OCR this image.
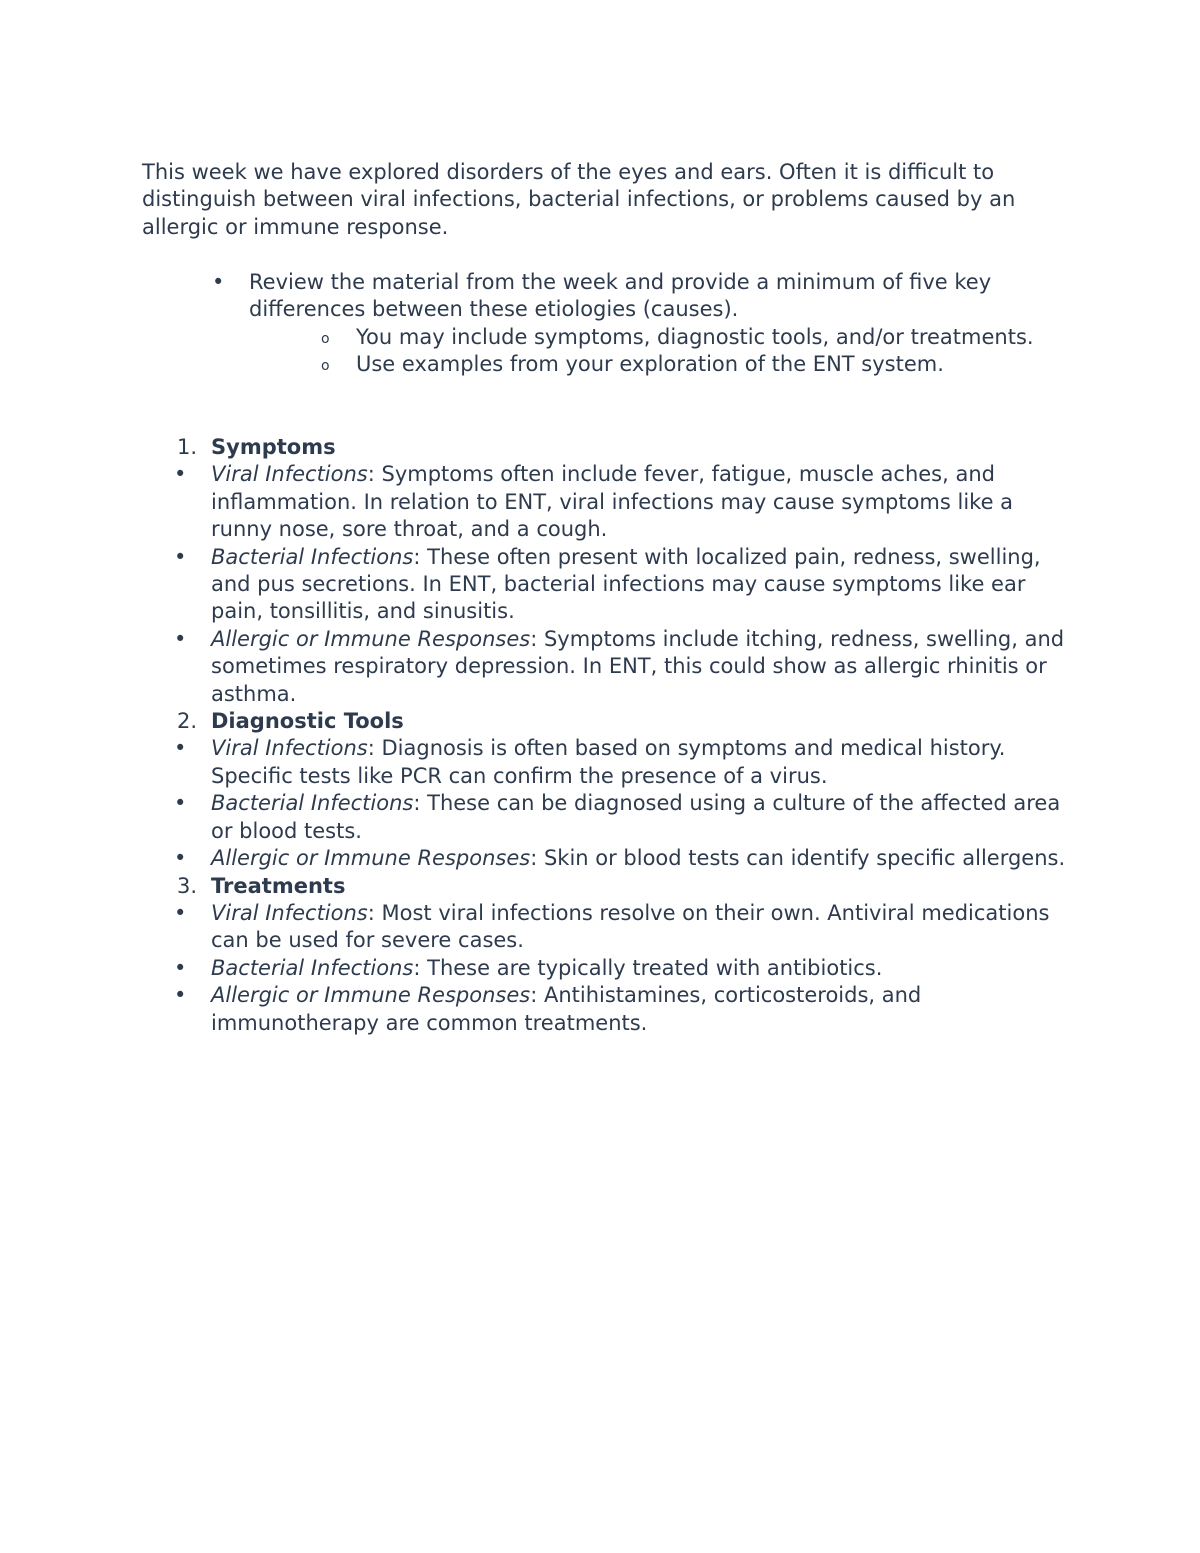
This week we have explored disorders of the eyes and ears. Often it is difficult to distinguish between viral infections, bacterial infections, or problems caused by an allergic or immune response.

•	Review the material from the week and provide a minimum of five key differences between these etiologies (causes).
o You may include symptoms, diagnostic tools, and/or treatments.
o Use examples from your exploration of the ENT system.
1. Symptoms
• Viral Infections: Symptoms often include fever, fatigue, muscle aches, and inflammation. In relation to ENT, viral infections may cause symptoms like a runny nose, sore throat, and a cough.
• Bacterial Infections: These often present with localized pain, redness, swelling, and pus secretions. In ENT, bacterial infections may cause symptoms like ear pain, tonsillitis, and sinusitis.
• Allergic or Immune Responses: Symptoms include itching, redness, swelling, and sometimes respiratory depression. In ENT, this could show as allergic rhinitis or asthma.
2. Diagnostic Tools
• Viral Infections: Diagnosis is often based on symptoms and medical history. Specific tests like PCR can confirm the presence of a virus.
• Bacterial Infections: These can be diagnosed using a culture of the affected area or blood tests.
• Allergic or Immune Responses: Skin or blood tests can identify specific allergens.
3. Treatments
• Viral Infections: Most viral infections resolve on their own. Antiviral medications can be used for severe cases.
• Bacterial Infections: These are typically treated with antibiotics.
• Allergic or Immune Responses: Antihistamines, corticosteroids, and immunotherapy are common treatments.
